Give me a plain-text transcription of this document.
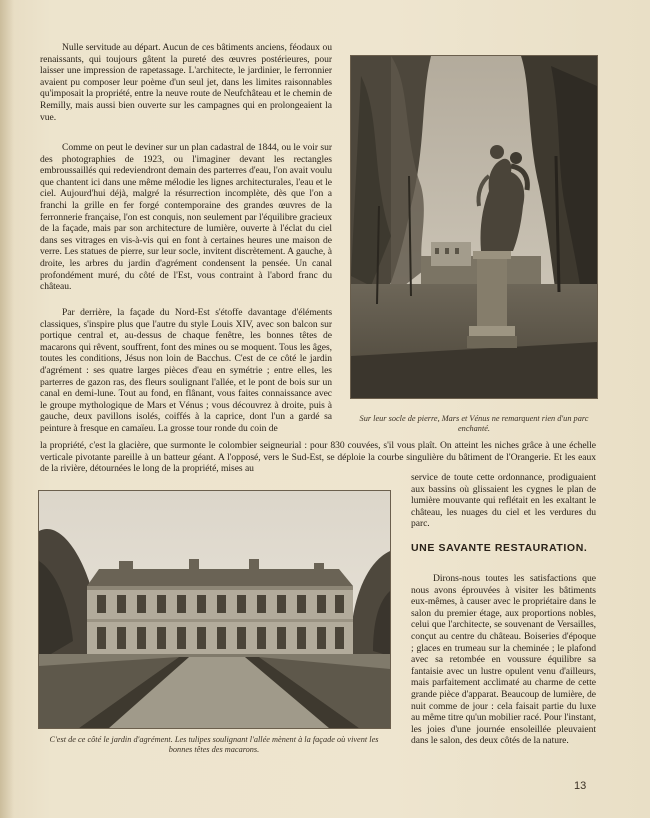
Nulle servitude au départ. Aucun de ces bâtiments anciens, féodaux ou renaissants, qui toujours gâtent la pureté des œuvres postérieures, pour laisser une impression de rapetassage. L'architecte, le jardinier, le ferronnier avaient pu composer leur poème d'un seul jet, dans les limites raisonnables qu'imposait la propriété, entre la neuve route de Neufchâteau et le chemin de Remilly, mais aussi bien ouverte sur les campagnes qui en prolongeaient la vue.

Comme on peut le deviner sur un plan cadastral de 1844, ou le voir sur des photographies de 1923, ou l'imaginer devant les rectangles embroussaillés qui redeviendront demain des parterres d'eau, l'on avait voulu que chantent ici dans une même mélodie les lignes architecturales, l'eau et le ciel. Aujourd'hui déjà, malgré la résurrection incomplète, dès que l'on a franchi la grille en fer forgé contemporaine des grandes œuvres de la ferronnerie française, l'on est conquis, non seulement par l'équilibre gracieux de la façade, mais par son architecture de lumière, ouverte à l'éclat du ciel dans ses vitrages en vis-à-vis qui en font à certaines heures une maison de verre. Les statues de pierre, sur leur socle, invitent discrètement. A gauche, à droite, les arbres du jardin d'agrément condensent la pensée. Un canal profondément muré, du côté de l'Est, vous contraint à l'abord franc du château.

Par derrière, la façade du Nord-Est s'étoffe davantage d'éléments classiques, s'inspire plus que l'autre du style Louis XIV, avec son balcon sur portique central et, au-dessus de chaque fenêtre, les bonnes têtes de macarons qui rêvent, souffrent, font des mines ou se moquent. Tous les âges, toutes les conditions, Jésus non loin de Bacchus. C'est de ce côté le jardin d'agrément : ses quatre larges pièces d'eau en symétrie ; entre elles, les parterres de gazon ras, des fleurs soulignant l'allée, et le pont de bois sur un canal en demi-lune. Tout au fond, en flânant, vous faites connaissance avec le groupe mythologique de Mars et Vénus ; vous découvrez à droite, puis à gauche, deux pavillons isolés, coiffés à la caprice, dont l'un a gardé sa peinture à fresque en camaïeu. La grosse tour ronde du coin de

la propriété, c'est la glacière, que surmonte le colombier seigneurial : pour 830 couvées, s'il vous plaît. On atteint les niches grâce à une échelle verticale pivotante pareille à un batteur géant. A l'opposé, vers le Sud-Est, se déploie la courbe singulière du bâtiment de l'Orangerie. Et les eaux de la rivière, détournées le long de la propriété, mises au

service de toute cette ordonnance, prodiguaient aux bassins où glissaient les cygnes le plan de lumière mouvante qui reflétait en les exaltant le château, les nuages du ciel et les verdures du parc.

UNE SAVANTE RESTAURATION.

Dirons-nous toutes les satisfactions que nous avons éprouvées à visiter les bâtiments eux-mêmes, à causer avec le propriétaire dans le salon du premier étage, aux proportions nobles, celui que l'architecte, se souvenant de Versailles, conçut au centre du château. Boiseries d'époque ; glaces en trumeau sur la cheminée ; le plafond avec sa retombée en voussure équilibre sa fantaisie avec un lustre opulent venu d'ailleurs, mais parfaitement acclimaté au charme de cette grande pièce d'apparat. Beaucoup de lumière, de nuit comme de jour : cela faisait partie du luxe au même titre qu'un mobilier racé. Pour l'instant, les joies d'une journée ensoleillée pleuvaient dans le salon, des deux côtés de la nature.

Sur leur socle de pierre, Mars et Vénus ne remarquent rien d'un parc enchanté.

C'est de ce côté le jardin d'agrément. Les tulipes soulignant l'allée mènent à la façade où vivent les bonnes têtes des macarons.

13
